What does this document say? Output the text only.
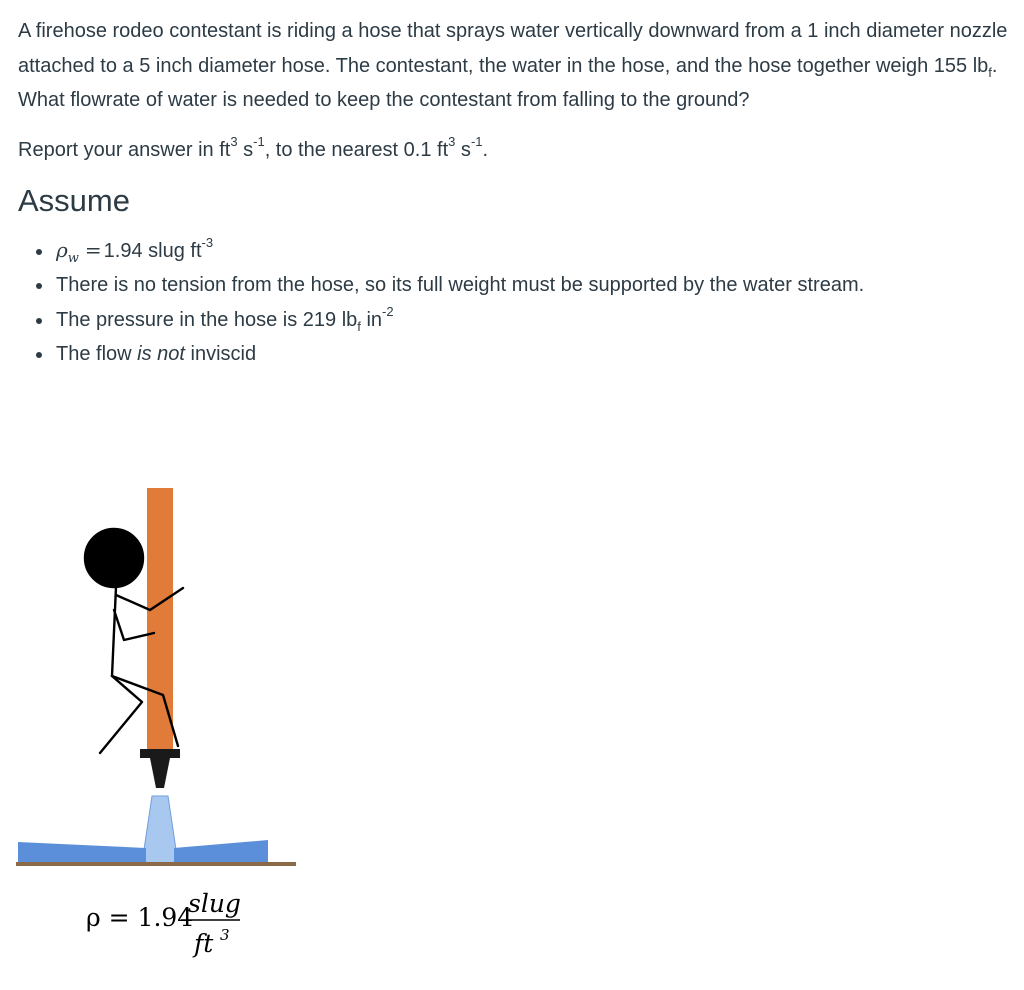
A firehose rodeo contestant is riding a hose that sprays water vertically downward from a 1 inch diameter nozzle attached to a 5 inch diameter hose. The contestant, the water in the hose, and the hose together weigh 155 $lb_f$. What flowrate of water is needed to keep the contestant from falling to the ground?

Report your answer in $ft^3$ $s^{-1}$, to the nearest 0.1 $ft^3$ $s^{-1}$.

Assume
• $\rho_w = 1.94$ slug $ft^{-3}$
• There is no tension from the hose, so its full weight must be supported by the water stream.
• The pressure in the hose is 219 $lb_f$ $in^{-2}$
• The flow is not inviscid
ρ = 1.94
slug
ft 3
